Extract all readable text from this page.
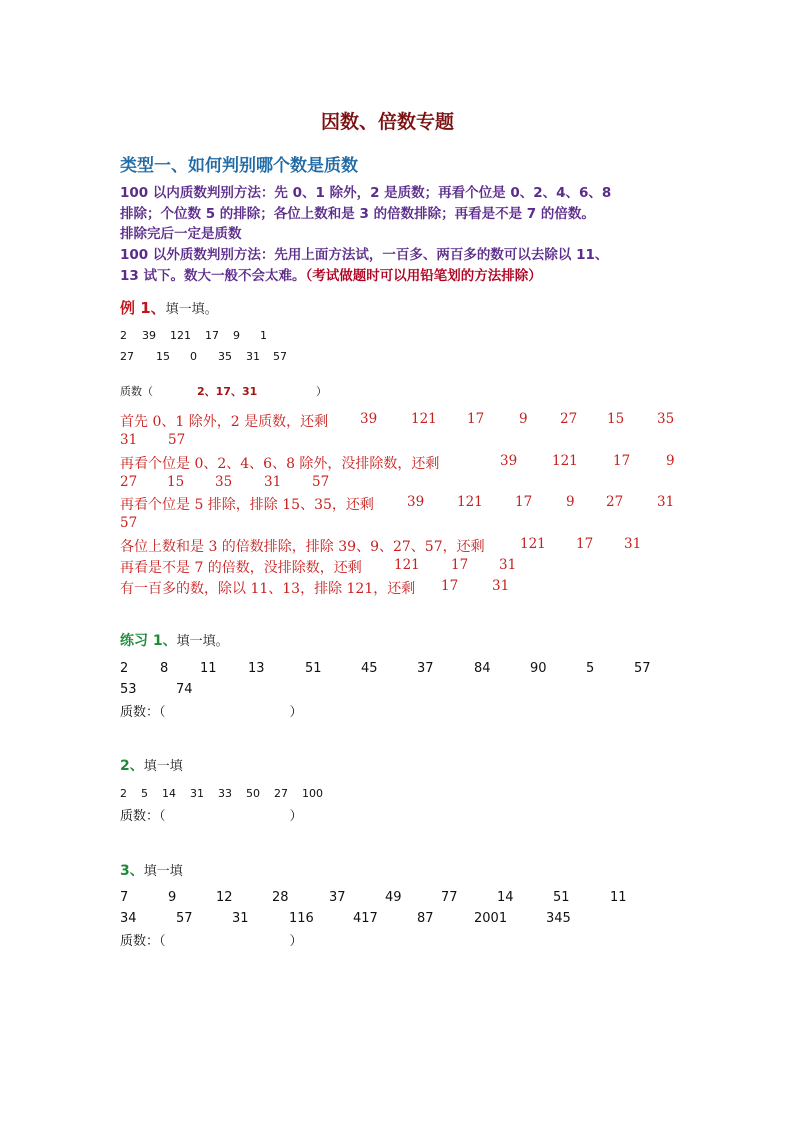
因数、倍数专题
类型一、如何判别哪个数是质数
100 以内质数判别方法：先 0、1 除外，2 是质数；再看个位是 0、2、4、6、8
排除；个位数 5 的排除；各位上数和是 3 的倍数排除；再看是不是 7 的倍数。
排除完后一定是质数
100 以外质数判别方法：先用上面方法试，一百多、两百多的数可以去除以 11、
13 试下。数大一般不会太难。（考试做题时可以用铅笔划的方法排除）
例 1、填一填。
2 39 121 17 9 1
27 15 0 35 31 57
质数（	2、17、31	）
首先 0、1 除外，2 是质数，还剩 39	121 17	9 27 15 35
31 57
再看个位是 0、2、4、6、8 除外，没排除数，还剩	39	121	17	9
27 15 35 31 57
再看个位是 5 排除，排除 15、35，还剩 39 121 17	9 27	31
57
各位上数和是 3 的倍数排除，排除 39、9、27、57，还剩	121 17 31
再看是不是 7 的倍数，没排除数，还剩 121 17 31
有一百多的数，除以 11、13，排除 121，还剩 17	31
练习 1、填一填。
2 8 11 13	51	45	37	84	90	5	57
53	74
质数：（                              ）
2、填一填
2 5 14 31 33 50 27 100
质数：（                              ）
3、填一填
7	9	12	28	37	49	77	14	51	11
34	57	31	116	417	87	2001	345
质数：（                              ）
